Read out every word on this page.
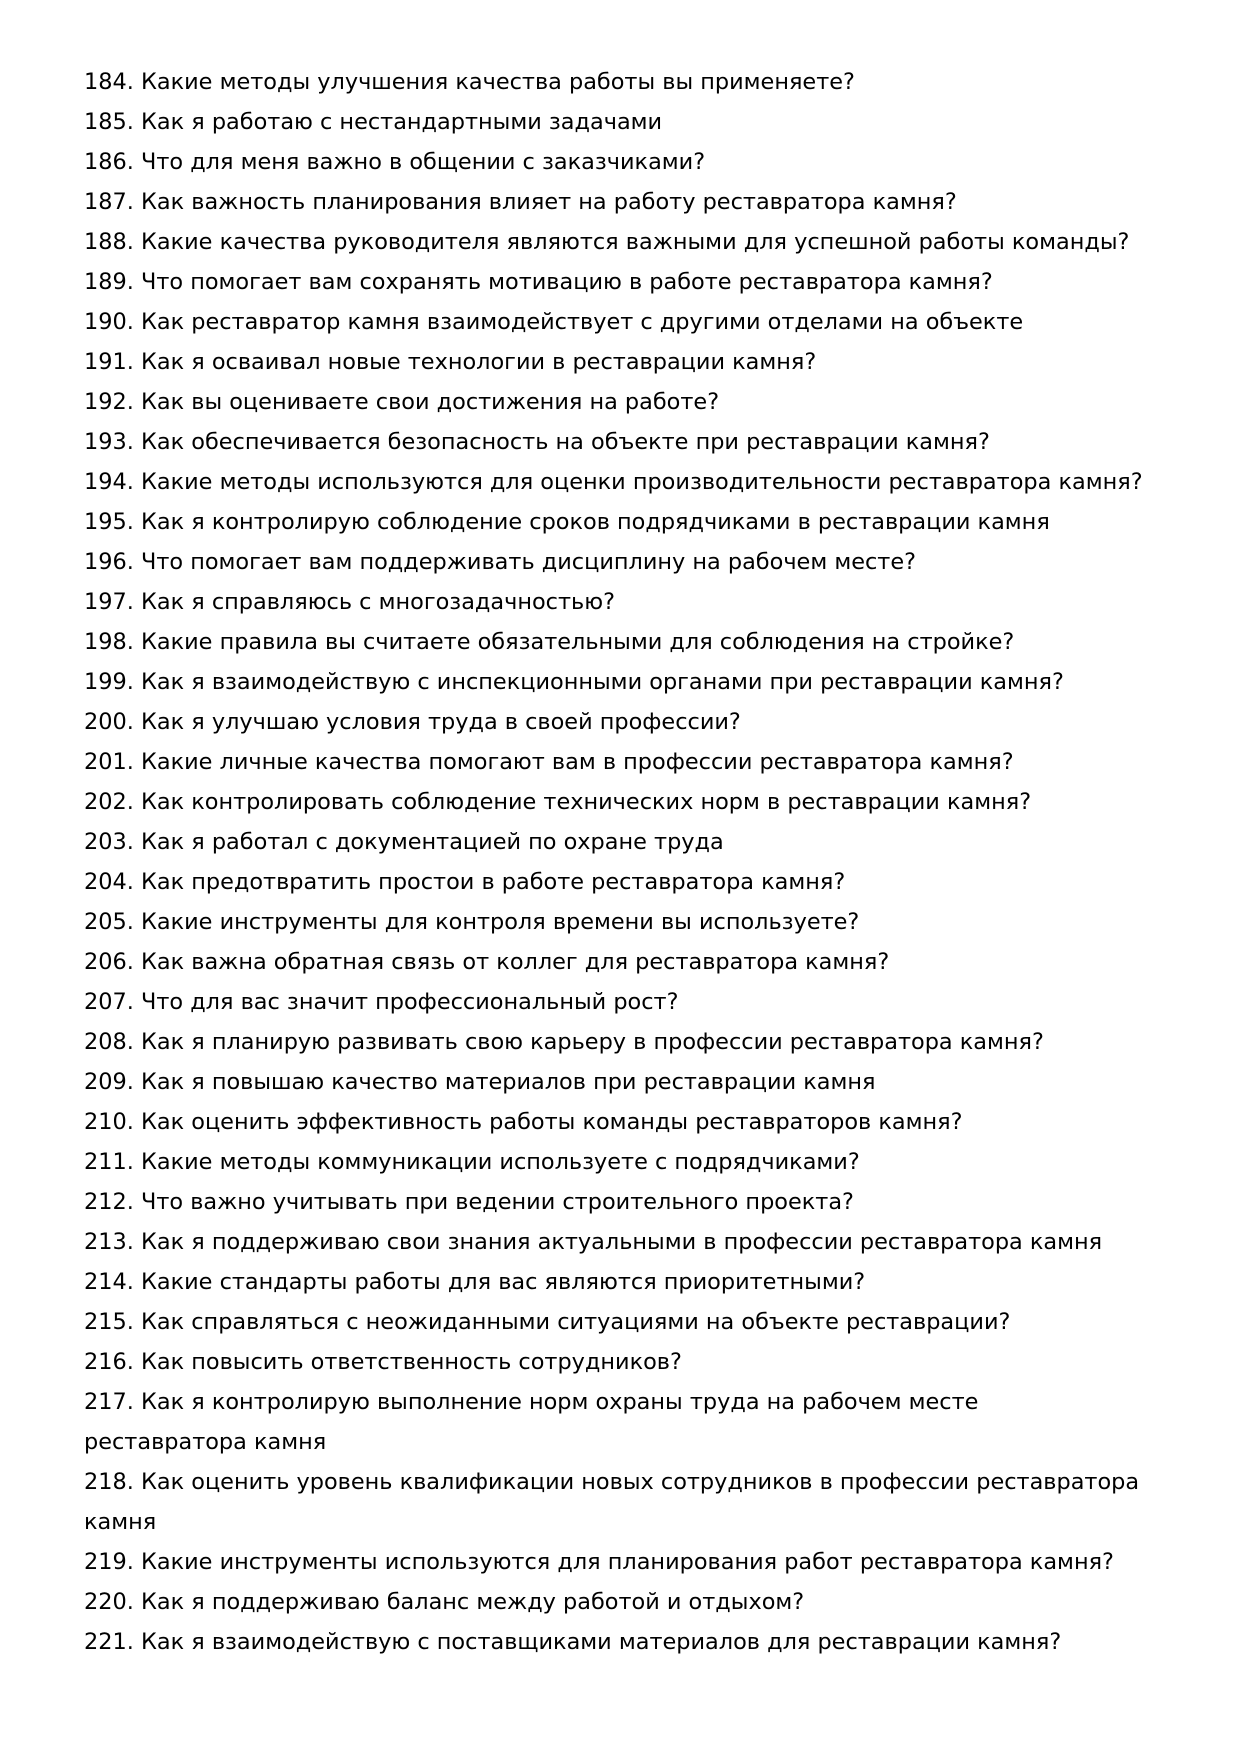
184. Какие методы улучшения качества работы вы применяете?
185. Как я работаю с нестандартными задачами
186. Что для меня важно в общении с заказчиками?
187. Как важность планирования влияет на работу реставратора камня?
188. Какие качества руководителя являются важными для успешной работы команды?
189. Что помогает вам сохранять мотивацию в работе реставратора камня?
190. Как реставратор камня взаимодействует с другими отделами на объекте
191. Как я осваивал новые технологии в реставрации камня?
192. Как вы оцениваете свои достижения на работе?
193. Как обеспечивается безопасность на объекте при реставрации камня?
194. Какие методы используются для оценки производительности реставратора камня?
195. Как я контролирую соблюдение сроков подрядчиками в реставрации камня
196. Что помогает вам поддерживать дисциплину на рабочем месте?
197. Как я справляюсь с многозадачностью?
198. Какие правила вы считаете обязательными для соблюдения на стройке?
199. Как я взаимодействую с инспекционными органами при реставрации камня?
200. Как я улучшаю условия труда в своей профессии?
201. Какие личные качества помогают вам в профессии реставратора камня?
202. Как контролировать соблюдение технических норм в реставрации камня?
203. Как я работал с документацией по охране труда
204. Как предотвратить простои в работе реставратора камня?
205. Какие инструменты для контроля времени вы используете?
206. Как важна обратная связь от коллег для реставратора камня?
207. Что для вас значит профессиональный рост?
208. Как я планирую развивать свою карьеру в профессии реставратора камня?
209. Как я повышаю качество материалов при реставрации камня
210. Как оценить эффективность работы команды реставраторов камня?
211. Какие методы коммуникации используете с подрядчиками?
212. Что важно учитывать при ведении строительного проекта?
213. Как я поддерживаю свои знания актуальными в профессии реставратора камня
214. Какие стандарты работы для вас являются приоритетными?
215. Как справляться с неожиданными ситуациями на объекте реставрации?
216. Как повысить ответственность сотрудников?
217. Как я контролирую выполнение норм охраны труда на рабочем месте реставратора камня
218. Как оценить уровень квалификации новых сотрудников в профессии реставратора камня
219. Какие инструменты используются для планирования работ реставратора камня?
220. Как я поддерживаю баланс между работой и отдыхом?
221. Как я взаимодействую с поставщиками материалов для реставрации камня?
